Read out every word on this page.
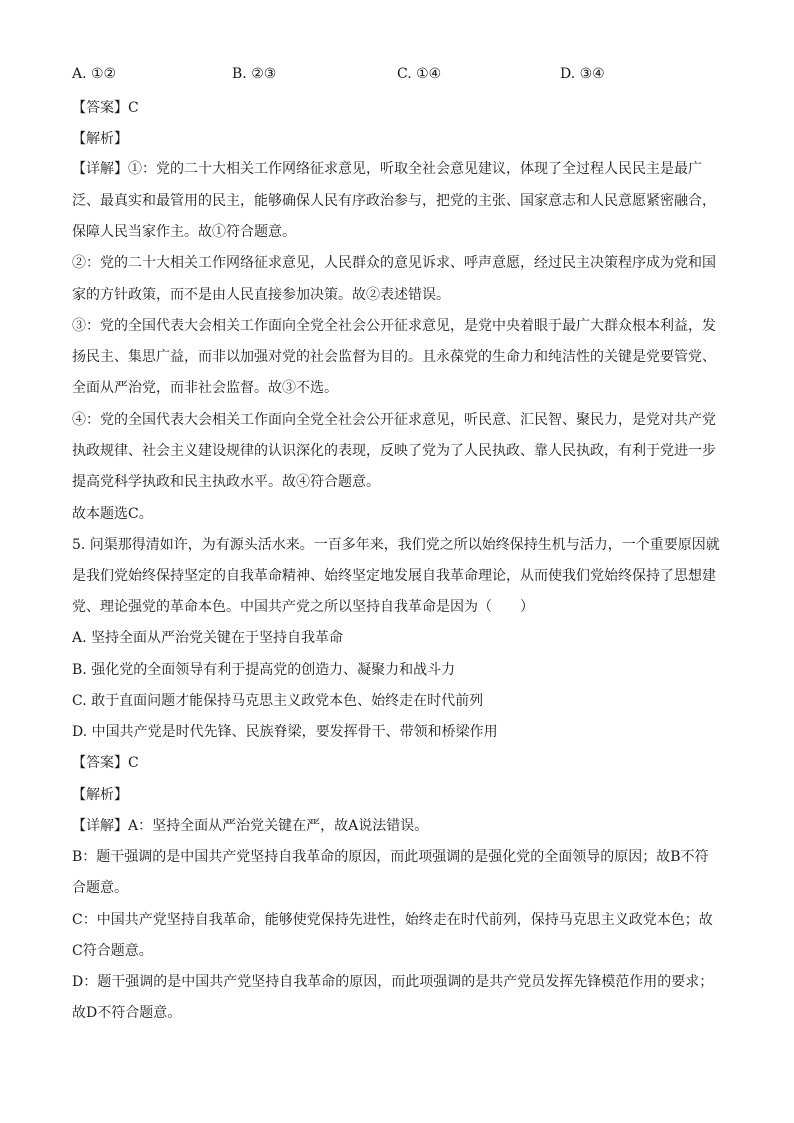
A. ①②	B. ②③	C. ①④	D. ③④
【答案】C
【解析】
【详解】①：党的二十大相关工作网络征求意见，听取全社会意见建议，体现了全过程人民民主是最广
泛、最真实和最管用的民主，能够确保人民有序政治参与，把党的主张、国家意志和人民意愿紧密融合，
保障人民当家作主。故①符合题意。
②：党的二十大相关工作网络征求意见，人民群众的意见诉求、呼声意愿，经过民主决策程序成为党和国
家的方针政策，而不是由人民直接参加决策。故②表述错误。
③：党的全国代表大会相关工作面向全党全社会公开征求意见，是党中央着眼于最广大群众根本利益，发
扬民主、集思广益，而非以加强对党的社会监督为目的。且永葆党的生命力和纯洁性的关键是党要管党、
全面从严治党，而非社会监督。故③不选。
④：党的全国代表大会相关工作面向全党全社会公开征求意见，听民意、汇民智、聚民力，是党对共产党
执政规律、社会主义建设规律的认识深化的表现，反映了党为了人民执政、靠人民执政，有利于党进一步
提高党科学执政和民主执政水平。故④符合题意。
故本题选C。
5. 问渠那得清如许，为有源头活水来。一百多年来，我们党之所以始终保持生机与活力，一个重要原因就
是我们党始终保持坚定的自我革命精神、始终坚定地发展自我革命理论，从而使我们党始终保持了思想建
党、理论强党的革命本色。中国共产党之所以坚持自我革命是因为（　　）
A. 坚持全面从严治党关键在于坚持自我革命
B. 强化党的全面领导有利于提高党的创造力、凝聚力和战斗力
C. 敢于直面问题才能保持马克思主义政党本色、始终走在时代前列
D. 中国共产党是时代先锋、民族脊梁，要发挥骨干、带领和桥梁作用
【答案】C
【解析】
【详解】A：坚持全面从严治党关键在严，故A说法错误。
B：题干强调的是中国共产党坚持自我革命的原因，而此项强调的是强化党的全面领导的原因；故B不符
合题意。
C：中国共产党坚持自我革命，能够使党保持先进性，始终走在时代前列，保持马克思主义政党本色；故
C符合题意。
D：题干强调的是中国共产党坚持自我革命的原因，而此项强调的是共产党员发挥先锋模范作用的要求；
故D不符合题意。
